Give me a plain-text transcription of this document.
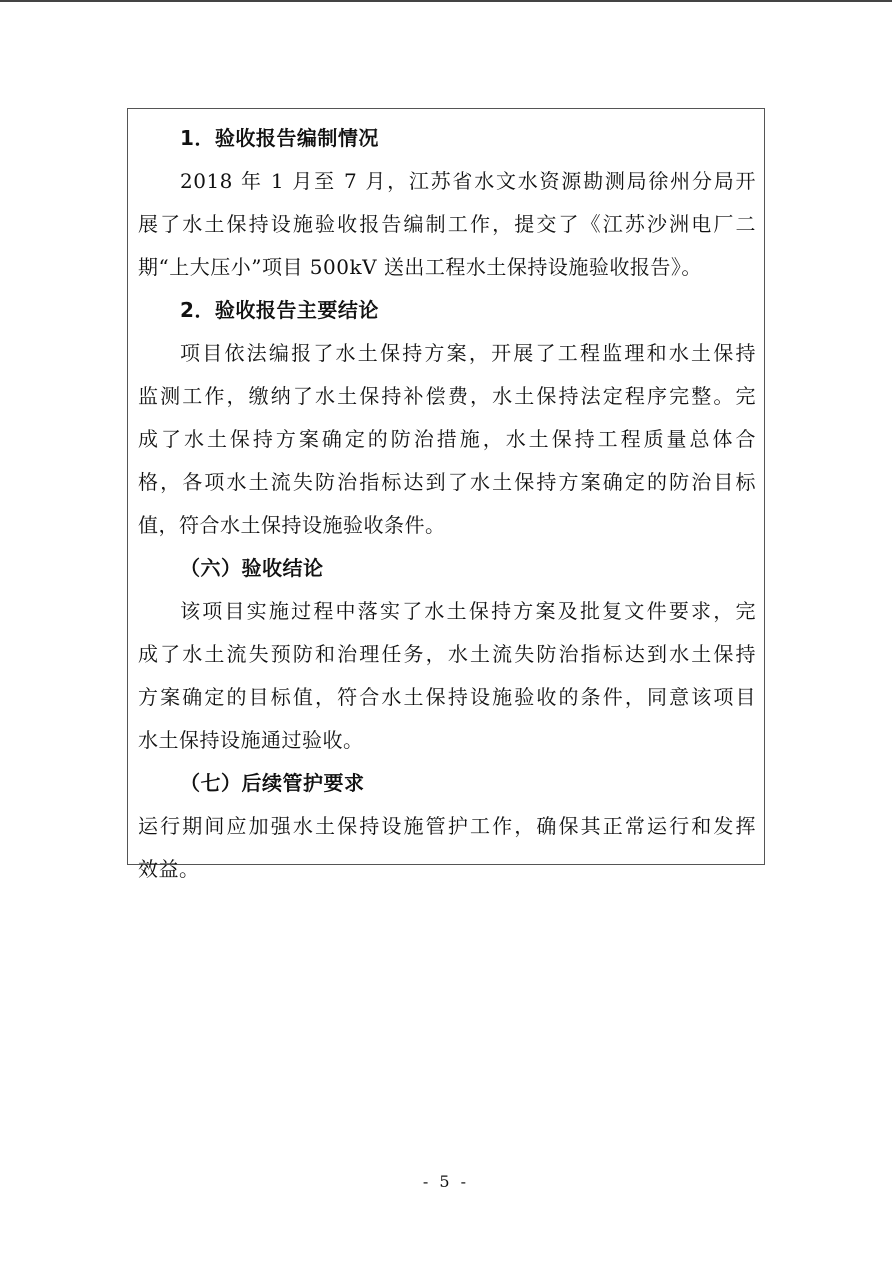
1．验收报告编制情况
2018 年 1 月至 7 月，江苏省水文水资源勘测局徐州分局开
展了水土保持设施验收报告编制工作，提交了《江苏沙洲电厂二
期“上大压小”项目 500kV 送出工程水土保持设施验收报告》。
2．验收报告主要结论
项目依法编报了水土保持方案，开展了工程监理和水土保持
监测工作，缴纳了水土保持补偿费，水土保持法定程序完整。完
成了水土保持方案确定的防治措施，水土保持工程质量总体合
格，各项水土流失防治指标达到了水土保持方案确定的防治目标
值，符合水土保持设施验收条件。
（六）验收结论
该项目实施过程中落实了水土保持方案及批复文件要求，完
成了水土流失预防和治理任务，水土流失防治指标达到水土保持
方案确定的目标值，符合水土保持设施验收的条件，同意该项目
水土保持设施通过验收。
（七）后续管护要求
运行期间应加强水土保持设施管护工作，确保其正常运行和发挥
效益。
- 5 -
